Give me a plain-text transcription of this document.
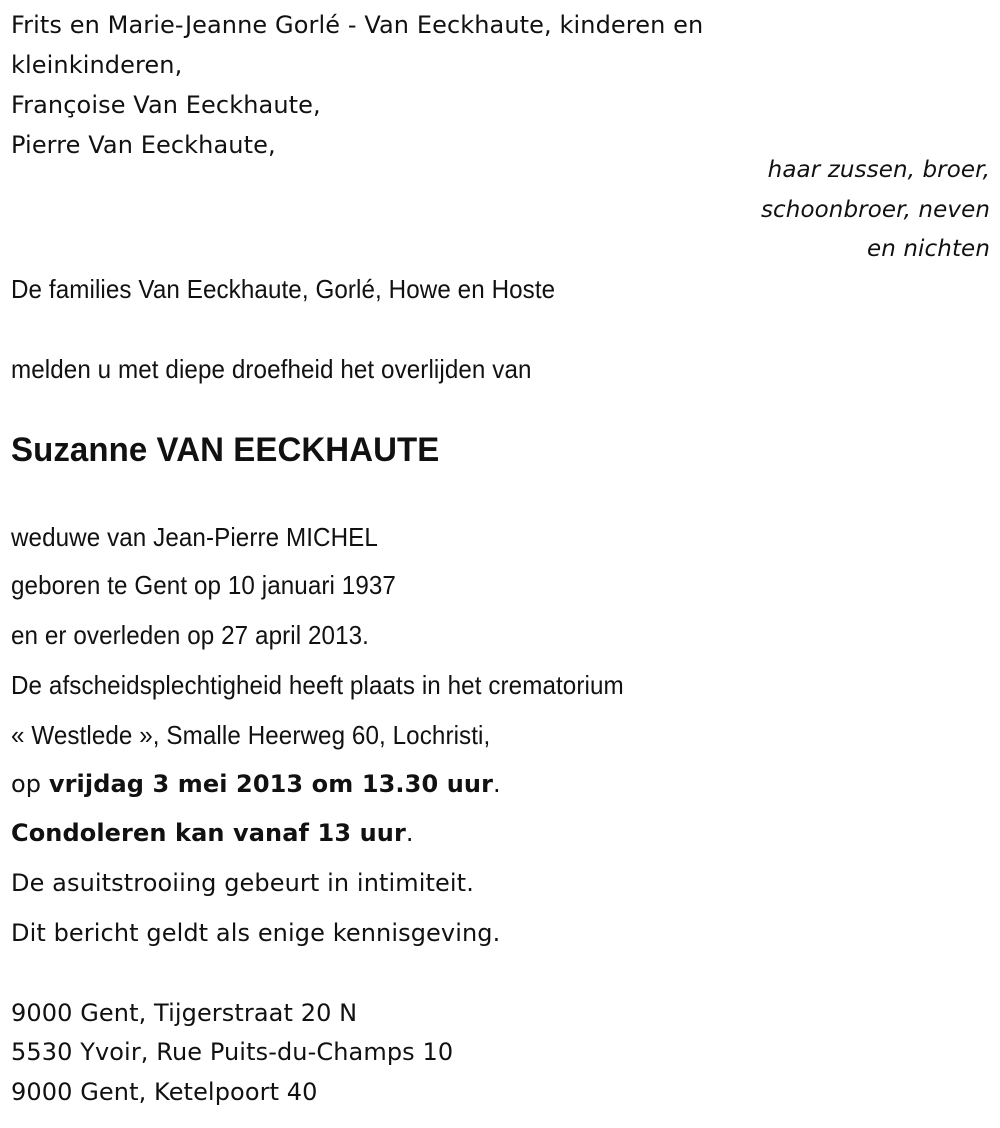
Frits en Marie-Jeanne Gorlé - Van Eeckhaute, kinderen en
kleinkinderen,
Françoise Van Eeckhaute,
Pierre Van Eeckhaute,
haar zussen, broer,
schoonbroer, neven
en nichten
De families Van Eeckhaute, Gorlé, Howe en Hoste
melden u met diepe droefheid het overlijden van
Suzanne VAN EECKHAUTE
weduwe van Jean-Pierre MICHEL
geboren te Gent op 10 januari 1937
en er overleden op 27 april 2013.
De afscheidsplechtigheid heeft plaats in het crematorium
« Westlede », Smalle Heerweg 60, Lochristi,
op vrijdag 3 mei 2013 om 13.30 uur.
Condoleren kan vanaf 13 uur.
De asuitstrooiing gebeurt in intimiteit.
Dit bericht geldt als enige kennisgeving.
9000 Gent, Tijgerstraat 20 N
5530 Yvoir, Rue Puits-du-Champs 10
9000 Gent, Ketelpoort 40
